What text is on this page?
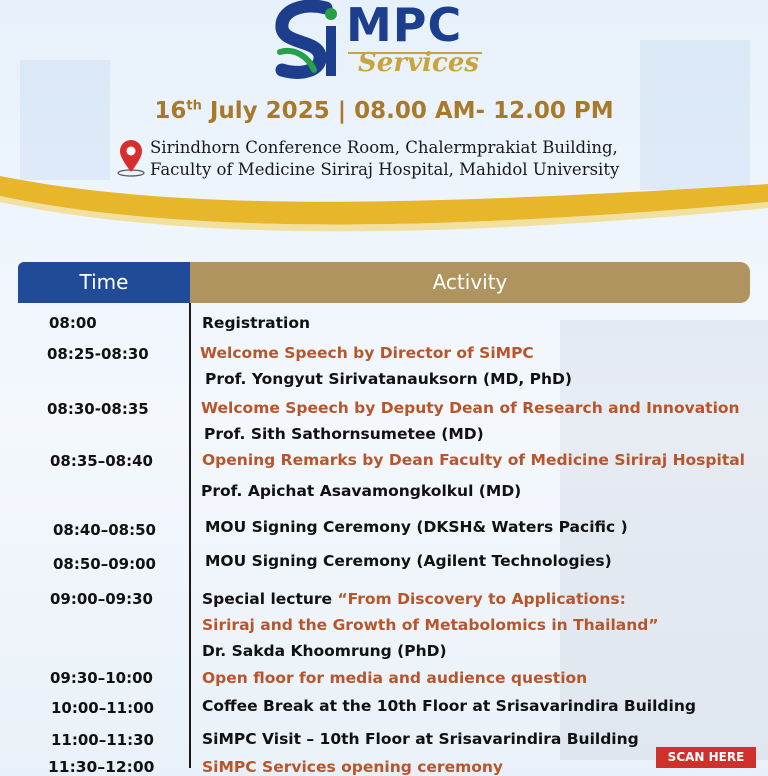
MPC
Services
16th July 2025 | 08.00 AM- 12.00 PM
Sirindhorn Conference Room, Chalermprakiat Building,
Faculty of Medicine Siriraj Hospital, Mahidol University
Time	Activity
08:00	Registration
08:25-08:30	Welcome Speech by Director of SiMPC
Prof. Yongyut Sirivatanauksorn (MD, PhD)
08:30-08:35	Welcome Speech by Deputy Dean of Research and Innovation
Prof. Sith Sathornsumetee (MD)
08:35–08:40	Opening Remarks by Dean Faculty of Medicine Siriraj Hospital
Prof. Apichat Asavamongkolkul (MD)
08:40–08:50	MOU Signing Ceremony (DKSH& Waters Pacific )
08:50–09:00	MOU Signing Ceremony (Agilent Technologies)
09:00–09:30	Special lecture “From Discovery to Applications:
Siriraj and the Growth of Metabolomics in Thailand”
Dr. Sakda Khoomrung (PhD)
09:30–10:00	Open floor for media and audience question
10:00–11:00	Coffee Break at the 10th Floor at Srisavarindira Building
11:00–11:30	SiMPC Visit – 10th Floor at Srisavarindira Building
11:30–12:00	SiMPC Services opening ceremony
SCAN HERE
